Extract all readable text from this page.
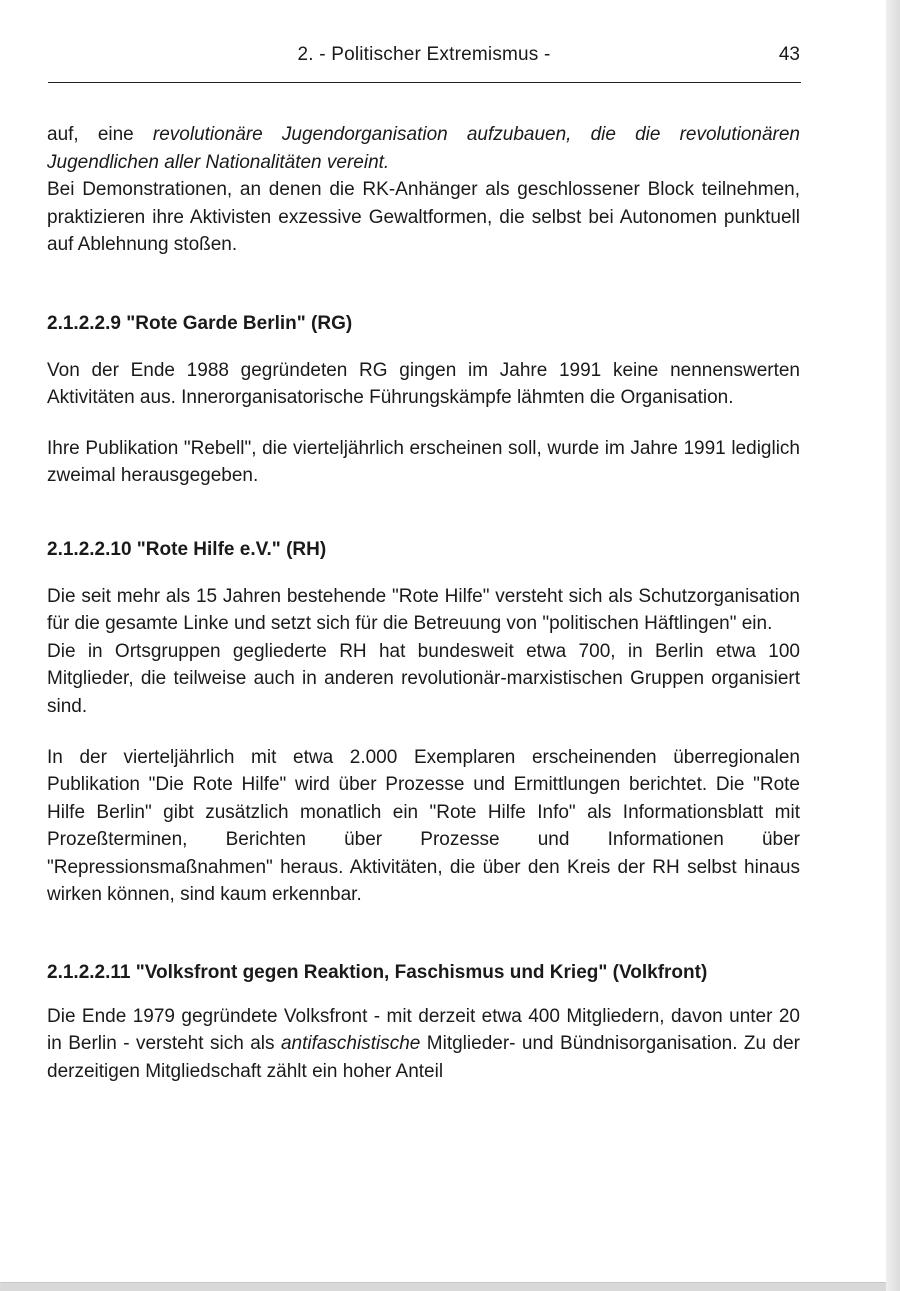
2. - Politischer Extremismus -	43

auf, eine revolutionäre Jugendorganisation aufzubauen, die die revolutionären Jugendlichen aller Nationalitäten vereint.

Bei Demonstrationen, an denen die RK-Anhänger als geschlossener Block teilnehmen, praktizieren ihre Aktivisten exzessive Gewaltformen, die selbst bei Autonomen punktuell auf Ablehnung stoßen.

2.1.2.2.9 "Rote Garde Berlin" (RG)

Von der Ende 1988 gegründeten RG gingen im Jahre 1991 keine nennenswerten Aktivitäten aus. Innerorganisatorische Führungskämpfe lähmten die Organisation.

Ihre Publikation "Rebell", die vierteljährlich erscheinen soll, wurde im Jahre 1991 lediglich zweimal herausgegeben.

2.1.2.2.10 "Rote Hilfe e.V." (RH)

Die seit mehr als 15 Jahren bestehende "Rote Hilfe" versteht sich als Schutzorganisation für die gesamte Linke und setzt sich für die Betreuung von "politischen Häftlingen" ein.

Die in Ortsgruppen gegliederte RH hat bundesweit etwa 700, in Berlin etwa 100 Mitglieder, die teilweise auch in anderen revolutionär-marxistischen Gruppen organisiert sind.

In der vierteljährlich mit etwa 2.000 Exemplaren erscheinenden überregionalen Publikation "Die Rote Hilfe" wird über Prozesse und Ermittlungen berichtet. Die "Rote Hilfe Berlin" gibt zusätzlich monatlich ein "Rote Hilfe Info" als Informationsblatt mit Prozeßterminen, Berichten über Prozesse und Informationen über "Repressionsmaßnahmen" heraus. Aktivitäten, die über den Kreis der RH selbst hinaus wirken können, sind kaum erkennbar.

2.1.2.2.11 "Volksfront gegen Reaktion, Faschismus und Krieg" (Volkfront)

Die Ende 1979 gegründete Volksfront - mit derzeit etwa 400 Mitgliedern, davon unter 20 in Berlin - versteht sich als antifaschistische Mitglieder- und Bündnisorganisation. Zu der derzeitigen Mitgliedschaft zählt ein hoher Anteil
